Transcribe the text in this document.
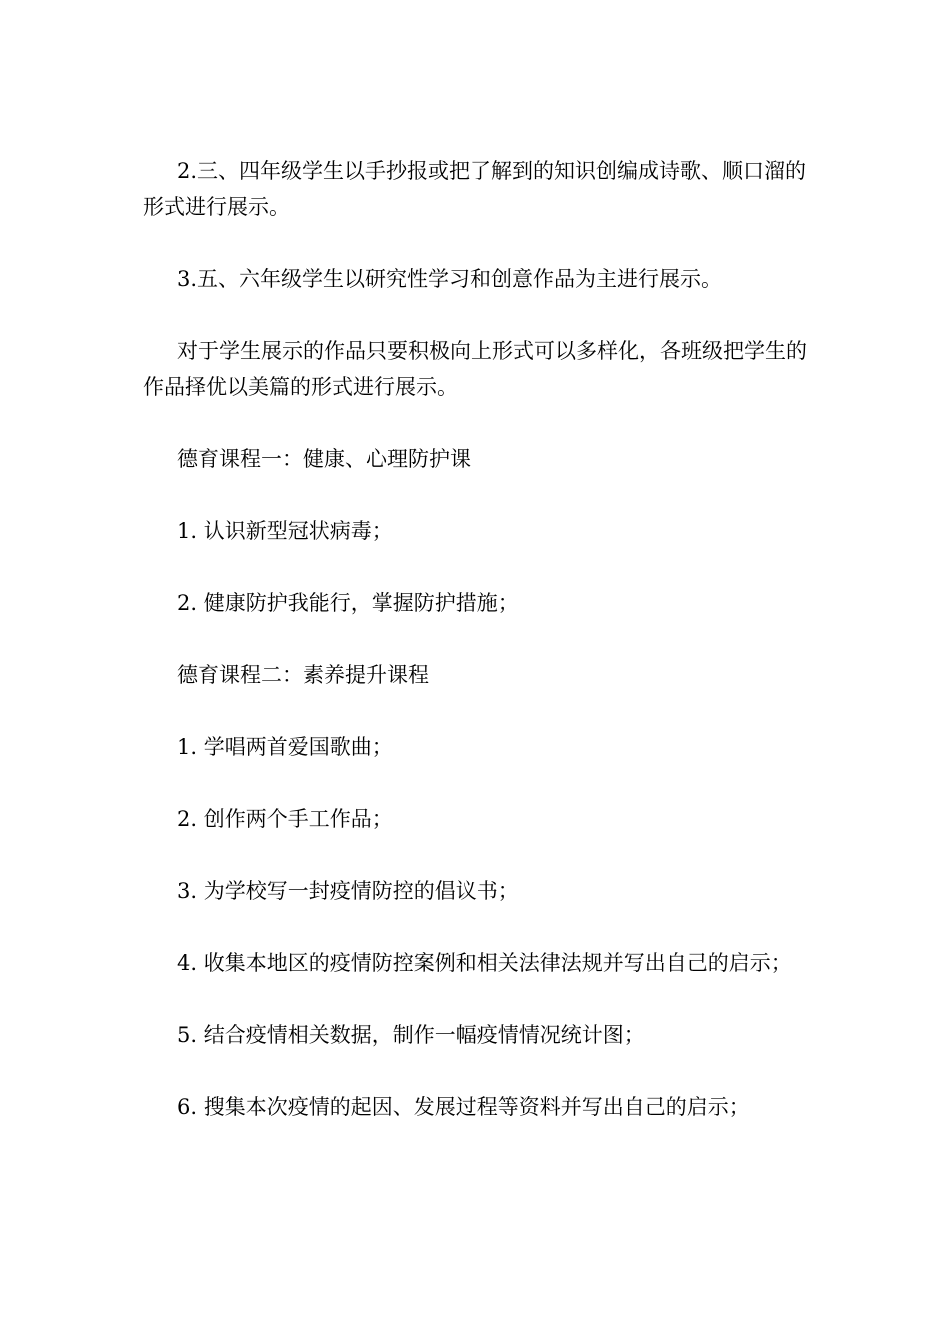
2.三、四年级学生以手抄报或把了解到的知识创编成诗歌、顺口溜的形式进行展示。

3.五、六年级学生以研究性学习和创意作品为主进行展示。

对于学生展示的作品只要积极向上形式可以多样化，各班级把学生的作品择优以美篇的形式进行展示。

德育课程一：健康、心理防护课

1. 认识新型冠状病毒；

2. 健康防护我能行，掌握防护措施；

德育课程二：素养提升课程

1. 学唱两首爱国歌曲；

2. 创作两个手工作品；

3. 为学校写一封疫情防控的倡议书；

4. 收集本地区的疫情防控案例和相关法律法规并写出自己的启示；

5. 结合疫情相关数据，制作一幅疫情情况统计图；

6. 搜集本次疫情的起因、发展过程等资料并写出自己的启示；
